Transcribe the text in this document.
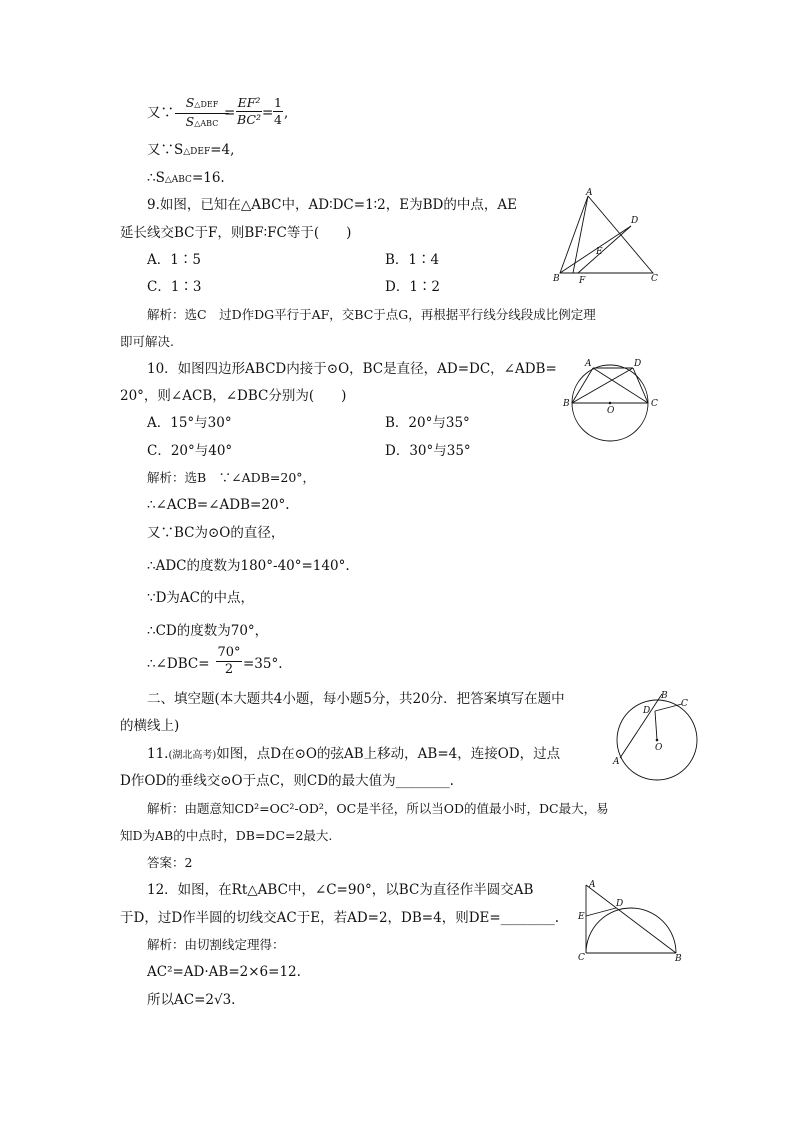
又∵
S△DEF
S△ABC
=
EF²
BC² =
1
4 ,
又∵S△DEF=4,
∴S△ABC=16.
9.如图，已知在△ABC中，AD∶DC=1∶2，E为BD的中点，AE
延长线交BC于F，则BF∶FC等于(　　)
A．1∶5	B．1∶4
C．1∶3	D．1∶2
解析：选C　过D作DG平行于AF，交BC于点G，再根据平行线分线段成比例定理
即可解决.
A
B	C
D
E
F
10．如图四边形ABCD内接于⊙O，BC是直径，AD=DC，∠ADB=
20°，则∠ACB，∠DBC分别为(　　)
A．15°与30°	B．20°与35°
C．20°与40°	D．30°与35°
解析：选B　∵∠ADB=20°，
∴∠ACB=∠ADB=20°.
又∵BC为⊙O的直径，
∴ADC的度数为180°-40°=140°.
∵D为AC的中点，
∴CD的度数为70°，
∴∠DBC=
70°
2 =35°.
A	D
B	C
O
二、填空题(本大题共4小题，每小题5分，共20分．把答案填写在题中
的横线上)
11.(湖北高考)如图，点D在⊙O的弦AB上移动，AB=4，连接OD，过点
D作OD的垂线交⊙O于点C，则CD的最大值为________.
解析：由题意知CD²=OC²-OD²，OC是半径，所以当OD的值最小时，DC最大，易
知D为AB的中点时，DB=DC=2最大.
答案：2
A
B
C
D
O
12．如图，在Rt△ABC中，∠C=90°，以BC为直径作半圆交AB
于D，过D作半圆的切线交AC于E，若AD=2，DB=4，则DE=________.
解析：由切割线定理得：
AC²=AD·AB=2×6=12.
所以AC=2√3.
A
C	B
D
E
